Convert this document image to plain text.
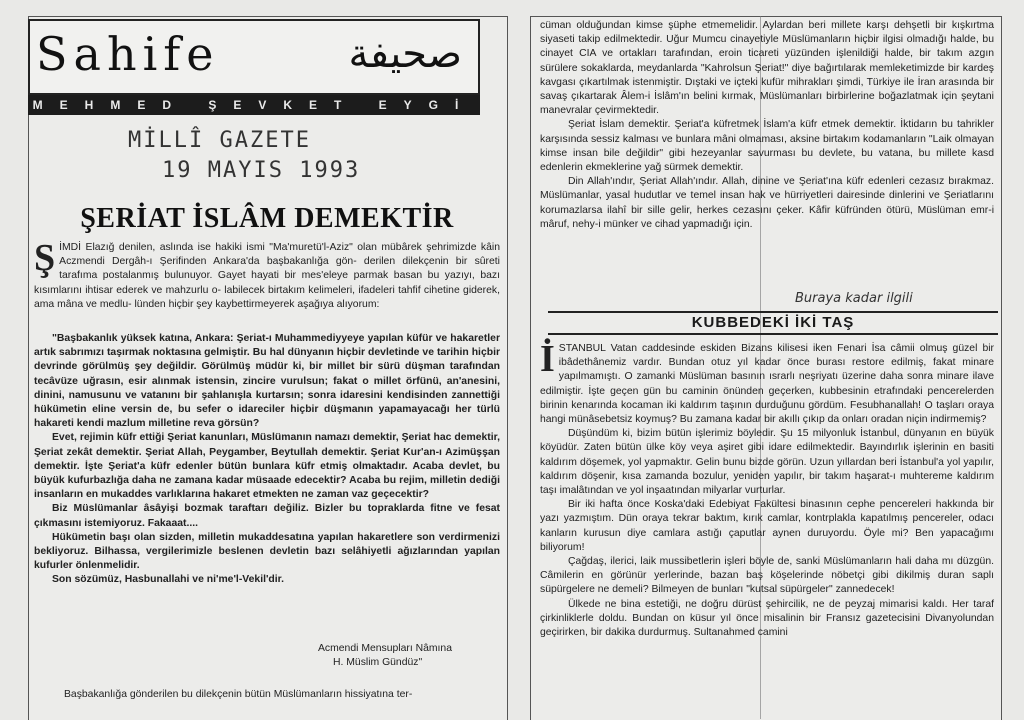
Sahife	صحيفة
MEHMED ŞEVKET EYGİ
MİLLÎ GAZETE
19 MAYIS 1993
ŞERİAT İSLÂM DEMEKTİR
Ş İMDİ Elazığ denilen, aslında ise hakiki ismi "Ma'muretü'l-Aziz" olan mübârek şehrimizde kâin Aczmendi Dergâh-ı Şerifinden Ankara'da başbakanlığa gön- derilen dilekçenin bir sûreti tarafıma postalanmış bulunuyor. Gayet hayati bir mes'eleye parmak basan bu yazıyı, bazı kısımlarını ihtisar ederek ve mahzurlu o- labilecek birtakım kelimeleri, ifadeleri tahfif cihetine giderek, ama mâna ve medlu- lünden hiçbir şey kaybettirmeyerek aşağıya alıyorum:

"Başbakanlık yüksek katına, Ankara: Şeriat-ı Muhammediyyeye yapılan küfür ve hakaretler artık sabrımızı taşırmak noktasına gelmiştir. Bu hal dünyanın hiçbir devletinde ve tarihin hiçbir devrinde görülmüş şey değildir. Görülmüş müdür ki, bir millet bir sürü düşman tarafından tecâvüze uğrasın, esir alınmak istensin, zincire vurulsun; fakat o millet örfünü, an'anesini, dinini, namusunu ve vatanını bir şahlanışla kurtarsın; sonra idaresini kendisinden zannettiği hükümetin eline versin de, bu sefer o idareciler hiçbir düşmanın yapamayacağı her türlü hakareti kendi mazlum milletine reva görsün?

Evet, rejimin küfr ettiği Şeriat kanunları, Müslümanın namazı demektir, Şeriat hac demektir, Şeriat zekât demektir. Şeriat Allah, Peygamber, Beytullah demektir. Şeriat Kur'an-ı Azimüşşan demektir. İşte Şeriat'a küfr edenler bütün bunlara küfr etmiş olmaktadır. Acaba devlet, bu büyük kufurbazlığa daha ne zamana kadar müsaade edecektir? Acaba bu rejim, milletin dediği insanların en mukaddes varlıklarına hakaret etmekten ne zaman vaz geçecektir?

Biz Müslümanlar âsâyişi bozmak taraftarı değiliz. Bizler bu topraklarda fitne ve fesat çıkmasını istemiyoruz. Fakaaat....

Hükümetin başı olan sizden, milletin mukaddesatına yapılan hakaretlere son verdirmenizi bekliyoruz. Bilhassa, vergilerimizle beslenen devletin bazı selâhiyetli ağızlarından yapılan kufurler önlenmelidir.

Son sözümüz, Hasbunallahi ve ni'me'l-Vekil'dir.

Acmendi Mensupları Nâmına
H. Müslim Gündüz"
Başbakanlığa gönderilen bu dilekçenin bütün Müslümanların hissiyatına ter-

cüman olduğundan kimse şüphe etmemelidir. Aylardan beri millete karşı dehşetli bir kışkırtma siyaseti takip edilmektedir. Uğur Mumcu cinayetiyle Müslümanların hiçbir ilgisi olmadığı halde, bu cinayet CIA ve ortakları tarafından, eroin ticareti yüzünden işlenildiği halde, bir takım azgın sürülere sokaklarda, meydanlarda "Kahrolsun Şeriat!" diye bağırtılarak memleketimizde bir kardeş kavgası çıkartılmak istenmiştir. Dıştaki ve içteki kufür mihrakları şimdi, Türkiye ile İran arasında bir savaş çıkartarak Âlem-i İslâm'ın belini kırmak, Müslümanları birbirlerine boğazlatmak için şeytani manevralar çevirmektedir.

Şeriat İslam demektir. Şeriat'a küfretmek İslam'a küfr etmek demektir. İktidarın bu tahrikler karşısında sessiz kalması ve bunlara mâni olmaması, aksine birtakım kodamanların "Laik olmayan kimse insan bile değildir" gibi hezeyanlar savurması bu devlete, bu vatana, bu millete kasd edenlerin ekmeklerine yağ sürmek demektir.

Din Allah'ındır, Şeriat Allah'ındır. Allah, dinine ve Şeriat'ına küfr edenleri cezasız bırakmaz. Müslümanlar, yasal hudutlar ve temel insan hak ve hürriyetleri dairesinde dinlerini ve Şeriatlarını korumazlarsa ilahî bir sille gelir, herkes cezasını çeker. Kâfir küfründen ötürü, Müslüman emr-i mâruf, nehy-i münker ve cihad yapmadığı için.

Buraya kadar ilgili
KUBBEDEKİ İKİ TAŞ

İ STANBUL Vatan caddesinde eskiden Bizans kilisesi iken Fenari İsa câmii olmuş güzel bir ibâdethânemiz vardır. Bundan otuz yıl kadar önce burası restore edilmiş, fakat minare yapılmamıştı. O zamanki Müslüman basının ısrarlı neşriyatı üzerine daha sonra minare ilave edilmiştir. İşte geçen gün bu caminin önünden geçerken, kubbesinin etrafındaki pencerelerden birinin kenarında kocaman iki kaldırım taşının durduğunu gördüm. Fesubhanallah! O taşları oraya hangi münâsebetsiz koymuş? Bu zamana kadar bir akıllı çıkıp da onları oradan niçin indirmemiş?

Düşündüm ki, bizim bütün işlerimiz böyledir. Şu 15 milyonluk İstanbul, dünyanın en büyük köyüdür. Zaten bütün ülke köy veya aşiret gibi idare edilmektedir. Bayındırlık işlerinin en basiti kaldırım döşemek, yol yapmaktır. Gelin bunu bizde görün. Uzun yıllardan beri İstanbul'a yol yapılır, kaldırım döşenir, kısa zamanda bozulur, yeniden yapılır, bir takım haşarat-ı muhtereme kaldırım taşı imalâtından ve yol inşaatından milyarlar vurturlar.

Bir iki hafta önce Koska'daki Edebiyat Fakültesi binasının cephe pencereleri hakkında bir yazı yazmıştım. Dün oraya tekrar baktım, kırık camlar, kontrplakla kapatılmış pencereler, odacı kanların kurusun diye camlara astığı çaputlar aynen duruyordu. Öyle mi? Ben yapacağımı biliyorum!

Çağdaş, ilerici, laik mussibetlerin işleri böyle de, sanki Müslümanların hali daha mı düzgün. Câmilerin en görünür yerlerinde, bazan baş köşelerinde nöbetçi gibi dikilmiş duran saplı süpürgelere ne demeli? Bilmeyen de bunları "kutsal süpürgeler" zannedecek!

Ülkede ne bina estetiği, ne doğru dürüst şehircilik, ne de peyzaj mimarisi kaldı. Her taraf çirkinliklerle doldu. Bundan on küsur yıl önce misalinin bir Fransız gazetecisini Divanyolundan geçirirken, bir dakika durdurmuş. Sultanahmed camini
